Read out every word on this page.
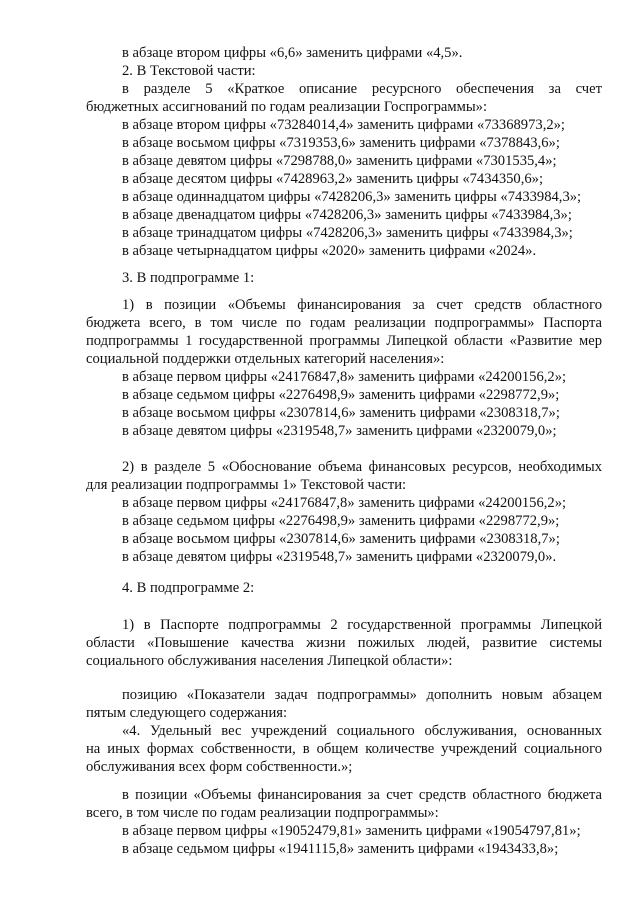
в абзаце втором цифры «6,6» заменить цифрами «4,5».
2. В Текстовой части:
в разделе 5 «Краткое описание ресурсного обеспечения за счет
бюджетных ассигнований по годам реализации Госпрограммы»:
в абзаце втором цифры «73284014,4» заменить цифрами «73368973,2»;
в абзаце восьмом цифры «7319353,6» заменить цифрами «7378843,6»;
в абзаце девятом цифры «7298788,0» заменить цифрами «7301535,4»;
в абзаце десятом цифры «7428963,2» заменить цифры «7434350,6»;
в абзаце одиннадцатом цифры «7428206,3» заменить цифры «7433984,3»;
в абзаце двенадцатом цифры «7428206,3» заменить цифры «7433984,3»;
в абзаце тринадцатом цифры «7428206,3» заменить цифры «7433984,3»;
в абзаце четырнадцатом цифры «2020» заменить цифрами «2024».
3. В подпрограмме 1:
1) в позиции «Объемы финансирования за счет средств областного
бюджета всего, в том числе по годам реализации подпрограммы» Паспорта
подпрограммы 1 государственной программы Липецкой области «Развитие мер
социальной поддержки отдельных категорий населения»:
в абзаце первом цифры «24176847,8» заменить цифрами «24200156,2»;
в абзаце седьмом цифры «2276498,9» заменить цифрами «2298772,9»;
в абзаце восьмом цифры «2307814,6» заменить цифрами «2308318,7»;
в абзаце девятом цифры «2319548,7» заменить цифрами «2320079,0»;
2) в разделе 5 «Обоснование объема финансовых ресурсов, необходимых
для реализации подпрограммы 1» Текстовой части:
в абзаце первом цифры «24176847,8» заменить цифрами «24200156,2»;
в абзаце седьмом цифры «2276498,9» заменить цифрами «2298772,9»;
в абзаце восьмом цифры «2307814,6» заменить цифрами «2308318,7»;
в абзаце девятом цифры «2319548,7» заменить цифрами «2320079,0».
4. В подпрограмме 2:
1) в Паспорте подпрограммы 2 государственной программы Липецкой
области «Повышение качества жизни пожилых людей, развитие системы
социального обслуживания населения Липецкой области»:
позицию «Показатели задач подпрограммы» дополнить новым абзацем
пятым следующего содержания:
«4. Удельный вес учреждений социального обслуживания, основанных
на иных формах собственности, в общем количестве учреждений социального
обслуживания всех форм собственности.»;
в позиции «Объемы финансирования за счет средств областного бюджета
всего, в том числе по годам реализации подпрограммы»:
в абзаце первом цифры «19052479,81» заменить цифрами «19054797,81»;
в абзаце седьмом цифры «1941115,8» заменить цифрами «1943433,8»;
